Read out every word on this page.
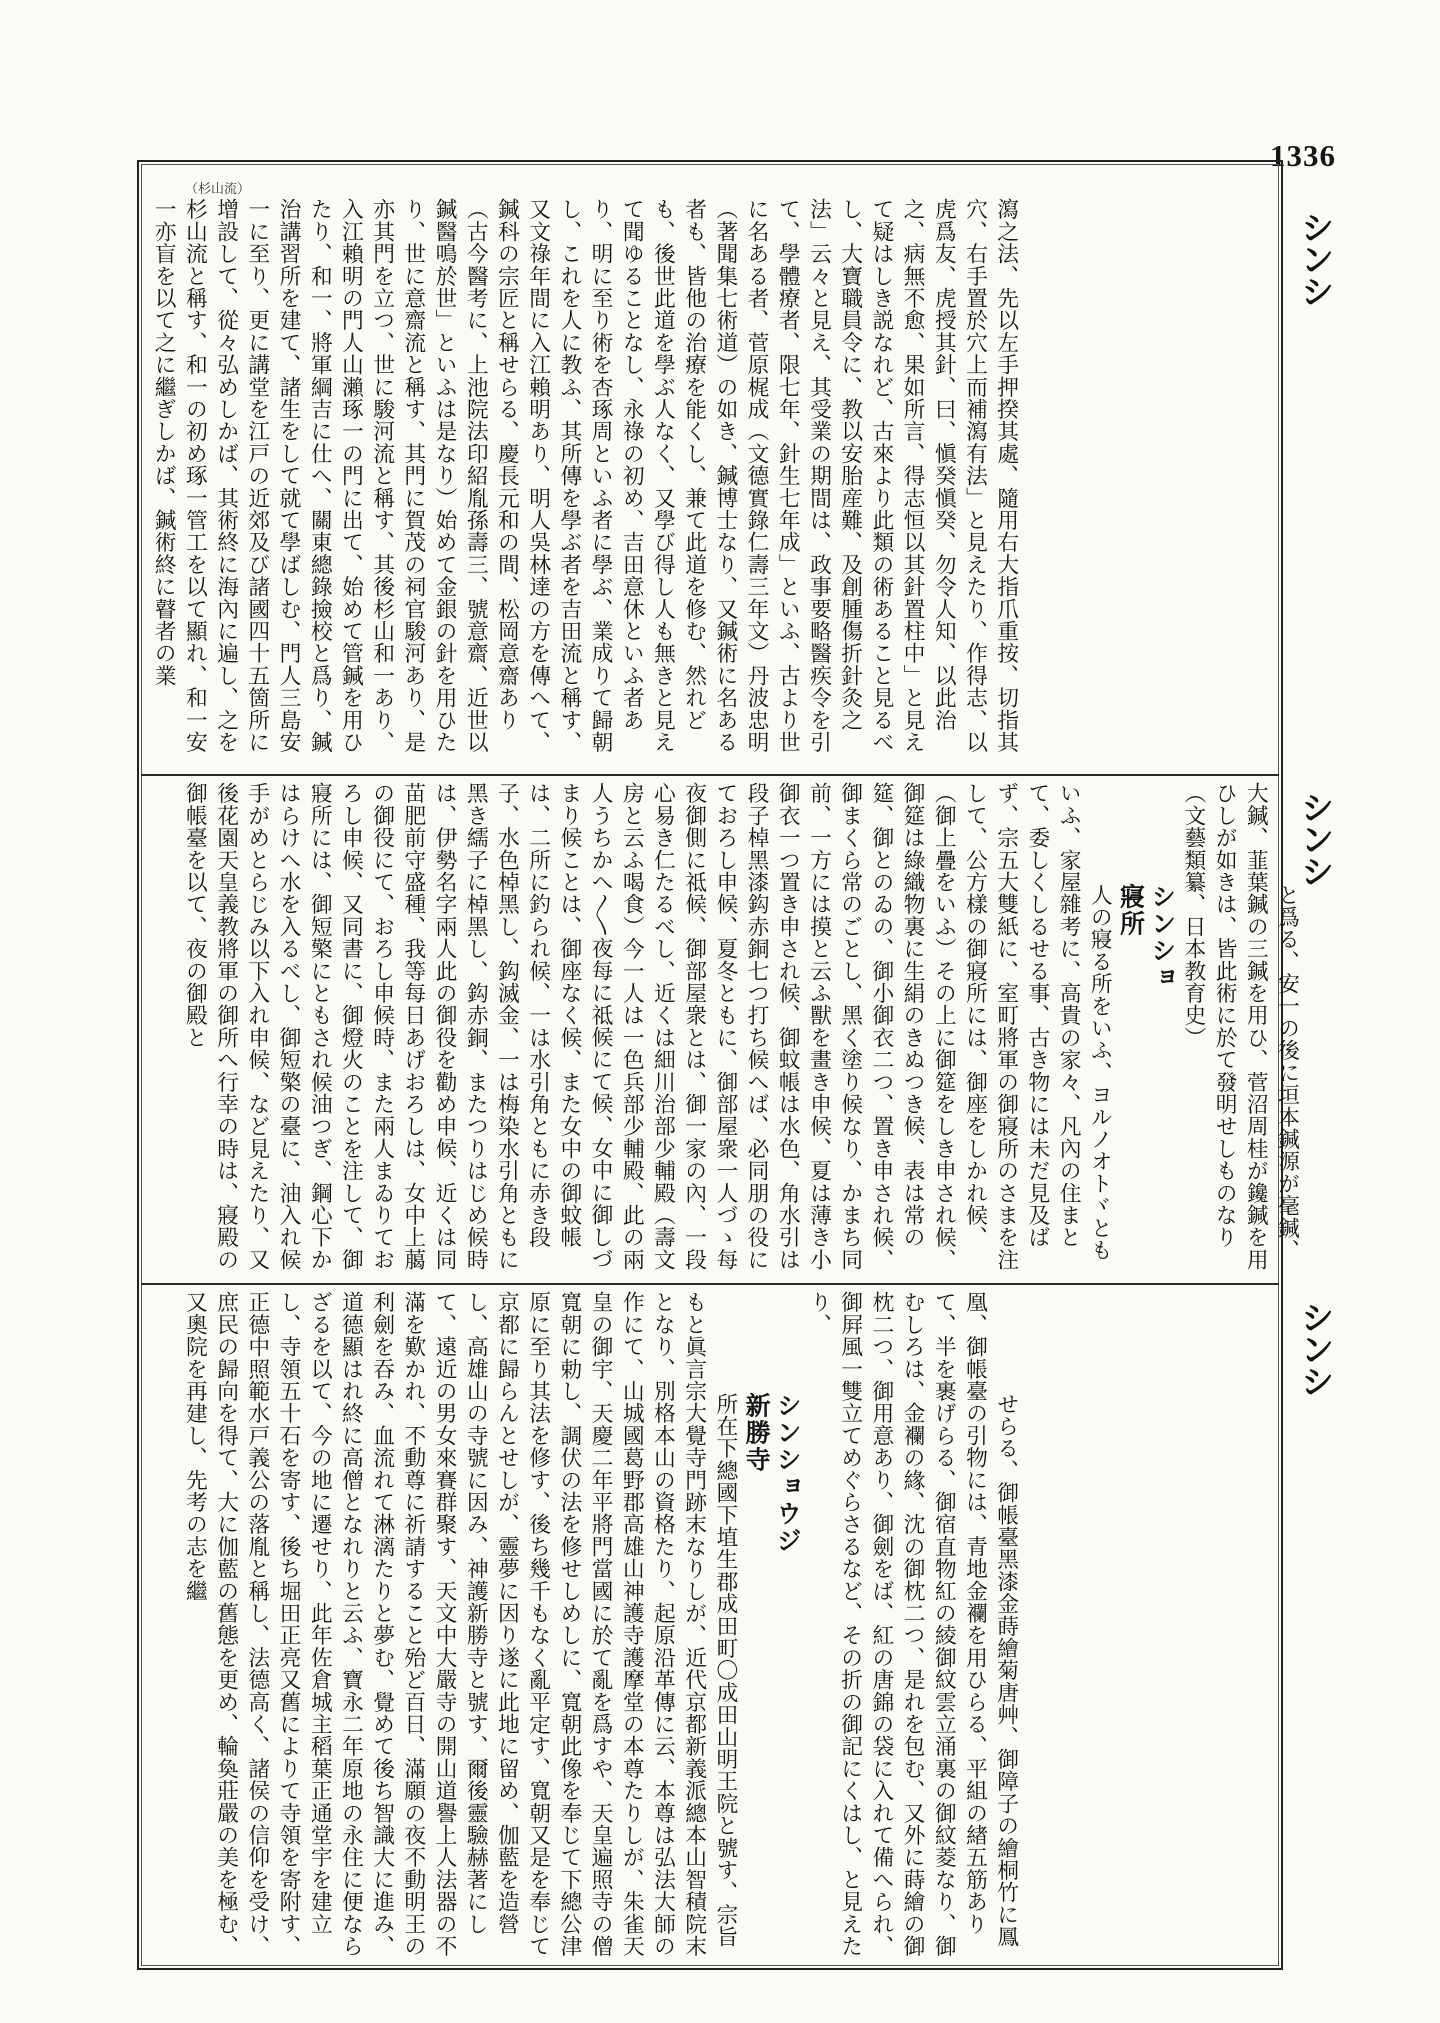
1336
（杉山流）
シンシ
シンシ
シンシ
瀉之法、先以左手押揆其處、隨用右大指爪重按、切指其穴、右手置於穴上而補瀉有法」と見えたり、作得志、以虎爲友、虎授其針、曰、愼癸愼癸、勿令人知、以此治之、病無不愈、果如所言、得志恒以其針置柱中」と見えて疑はしき説なれど、古來より此類の術あること見るべし、大寶職員令に、教以安胎産難、及創腫傷折針灸之法」云々と見え、其受業の期間は、政事要略醫疾令を引て、學體療者、限七年、針生七年成」といふ、古より世に名ある者、菅原梶成（文德實錄仁壽三年文）丹波忠明（著聞集七術道）の如き、鍼博士なり、又鍼術に名ある者も、皆他の治療を能くし、兼て此道を修む、然れども、後世此道を學ぶ人なく、又學び得し人も無きと見えて聞ゆることなし、永祿の初め、吉田意休といふ者あり、明に至り術を杏琢周といふ者に學ぶ、業成りて歸朝し、これを人に教ふ、其所傳を學ぶ者を吉田流と稱す、又文祿年間に入江賴明あり、明人吳林達の方を傳へて、鍼科の宗匠と稱せらる、慶長元和の間、松岡意齋あり（古今醫考に、上池院法印紹胤孫壽三、號意齋、近世以鍼醫鳴於世」といふは是なり）始めて金銀の針を用ひたり、世に意齋流と稱す、其門に賀茂の祠官駿河あり、是亦其門を立つ、世に駿河流と稱す、其後杉山和一あり、入江賴明の門人山瀨琢一の門に出て、始めて管鍼を用ひたり、和一、將軍綱吉に仕へ、關東總錄撿校と爲り、鍼治講習所を建て、諸生をして就て學ばしむ、門人三島安一に至り、更に講堂を江戸の近郊及び諸國四十五箇所に增設して、從々弘めしかば、其術終に海內に遍し、之を杉山流と稱す、和一の初め琢一管工を以て顯れ、和一安一亦盲を以て之に繼ぎしかば、鍼術終に瞽者の業

と爲る、安一の後に垣本鍼源が毫鍼、大鍼、韮葉鍼の三鍼を用ひ、菅沼周桂が鑱鍼を用ひしが如きは、皆此術に於て發明せしものなり（文藝類纂、日本教育史）
シンショ
寢所
人の寢る所をいふ、ヨルノオトヾともいふ、家屋雜考に、高貴の家々、凡內の住まとて、委しくしるせる事、古き物には未だ見及ばず、宗五大雙紙に、室町將軍の御寢所のさまを注して、公方樣の御寢所には、御座をしかれ候、（御上疊をいふ）その上に御筵をしき申され候、御筵は綠織物裏に生絹のきぬつき候、表は常の筵、御とのゐの、御小御衣二つ、置き申され候、御まくら常のごとし、黑く塗り候なり、かまち同前、一方には摸と云ふ獸を畫き申候、夏は薄き小御衣一つ置き申され候、御蚊帳は水色、角水引は段子棹黑漆鈎赤銅七つ打ち候へば、必同朋の役にておろし申候、夏冬ともに、御部屋衆一人づゝ每夜御側に祗候、御部屋衆とは、御一家の內、一段心易き仁たるべし、近くは細川治部少輔殿（壽文房と云ふ喝食）今一人は一色兵部少輔殿、此の兩人うちかへ〳〵夜每に祗候にて候、女中に御しづまり候ことは、御座なく候、また女中の御蚊帳は、二所に釣られ候、一は水引角ともに赤き段子、水色棹黑し、鈎滅金、一は梅染水引角ともに黑き繻子に棹黑し、鈎赤銅、またつりはじめ候時は、伊勢名字兩人此の御役を勸め申候、近くは同苗肥前守盛種、我等每日あげおろしは、女中上﨟の御役にて、おろし申候時、また兩人まゐりておろし申候、又同書に、御燈火のことを注して、御寢所には、御短檠にともされ候油つぎ、鋼心下かはらけへ水を入るべし、御短檠の臺に、油入れ候手がめとらじみ以下入れ申候、など見えたり、又後花園天皇義教將軍の御所へ行幸の時は、寢殿の御帳臺を以て、夜の御殿と

せらる、御帳臺黑漆金蒔繪菊唐艸、御障子の繪桐竹に鳳凰、御帳臺の引物には、青地金襴を用ひらる、平組の緖五筋ありて、半を裹げらる、御宿直物紅の綾御紋雲立涌裏の御紋菱なり、御むしろは、金襴の緣、沈の御枕二つ、是れを包む、又外に蒔繪の御枕二つ、御用意あり、御劍をば、紅の唐錦の袋に入れて備へられ、御屛風一雙立てめぐらさるなど、その折の御記にくはし、と見えたり、
シンショウジ
新勝寺
所在下總國下埴生郡成田町〇成田山明王院と號す、宗旨もと眞言宗大覺寺門跡末なりしが、近代京都新義派總本山智積院末となり、別格本山の資格たり、起原沿革傳に云、本尊は弘法大師の作にて、山城國葛野郡高雄山神護寺護摩堂の本尊たりしが、朱雀天皇の御宇、天慶二年平將門當國に於て亂を爲すや、天皇遍照寺の僧寬朝に勅し、調伏の法を修せしめしに、寬朝此像を奉じて下總公津原に至り其法を修す、後ち幾千もなく亂平定す、寬朝又是を奉じて京都に歸らんとせしが、靈夢に因り遂に此地に留め、伽藍を造營し、高雄山の寺號に因み、神護新勝寺と號す、爾後靈驗赫著にして、遠近の男女來賽群聚す、天文中大嚴寺の開山道譽上人法器の不滿を歎かれ、不動尊に祈請すること殆ど百日、滿願の夜不動明王の利劍を吞み、血流れて淋漓たりと夢む、覺めて後ち智識大に進み、道德顯はれ終に高僧となれりと云ふ、寶永二年原地の永住に便ならざるを以て、今の地に遷せり、此年佐倉城主稻葉正通堂宇を建立し、寺領五十石を寄す、後ち堀田正亮又舊によりて寺領を寄附す、正德中照範水戸義公の落胤と稱し、法德高く、諸侯の信仰を受け、庶民の歸向を得て、大に伽藍の舊態を更め、輪奐莊嚴の美を極む、又奧院を再建し、先考の志を繼
